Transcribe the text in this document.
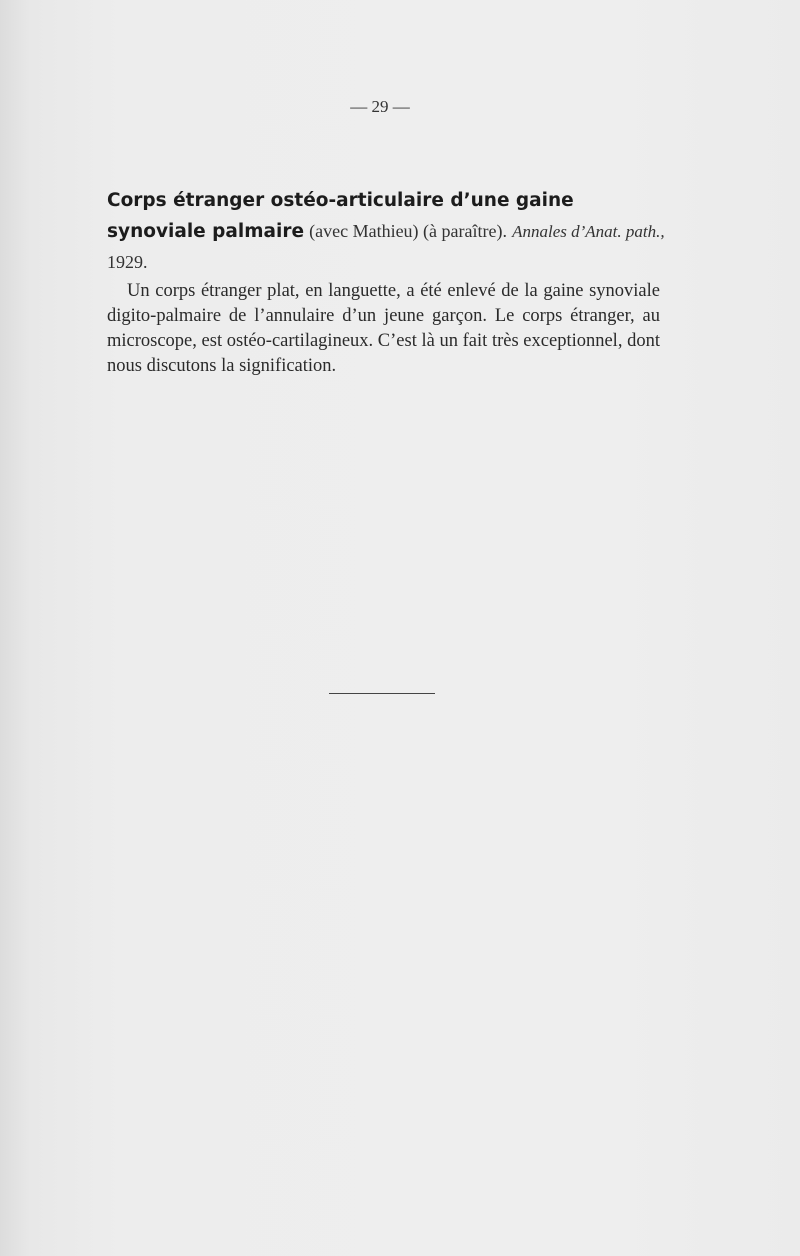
— 29 —
Corps étranger ostéo-articulaire d’une gaine synoviale palmaire (avec Mathieu) (à paraître). Annales d’Anat. path., 1929.
Un corps étranger plat, en languette, a été enlevé de la gaine synoviale digito-palmaire de l’annulaire d’un jeune garçon. Le corps étranger, au microscope, est ostéo-cartilagineux. C’est là un fait très exceptionnel, dont nous discutons la signification.
